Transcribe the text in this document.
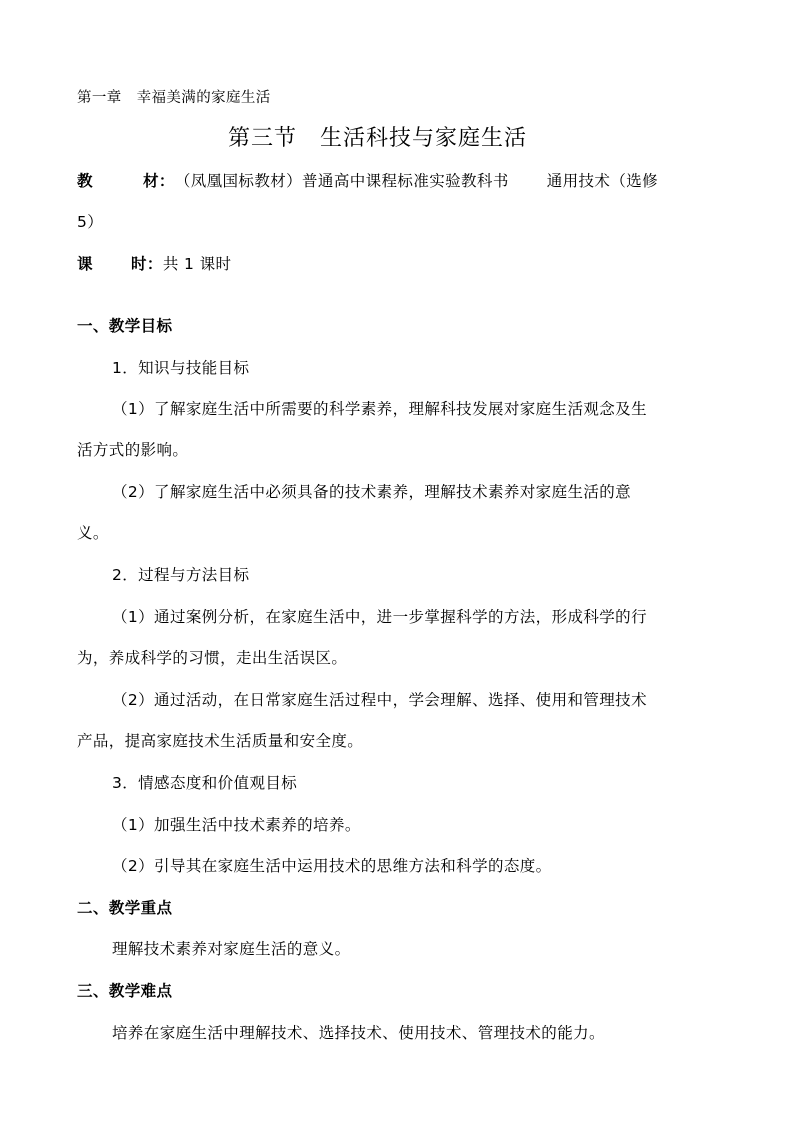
第一章　幸福美满的家庭生活
第三节　生活科技与家庭生活
教	材：（凤凰国标教材）普通高中课程标准实验教科书 通用技术（选修
5）
课 时：共 1 课时
一、教学目标
1．知识与技能目标
（1）了解家庭生活中所需要的科学素养，理解科技发展对家庭生活观念及生
活方式的影响。
（2）了解家庭生活中必须具备的技术素养，理解技术素养对家庭生活的意
义。
2．过程与方法目标
（1）通过案例分析，在家庭生活中，进一步掌握科学的方法，形成科学的行
为，养成科学的习惯，走出生活误区。
（2）通过活动，在日常家庭生活过程中，学会理解、选择、使用和管理技术
产品，提高家庭技术生活质量和安全度。
3．情感态度和价值观目标
（1）加强生活中技术素养的培养。
（2）引导其在家庭生活中运用技术的思维方法和科学的态度。
二、教学重点
理解技术素养对家庭生活的意义。
三、教学难点
培养在家庭生活中理解技术、选择技术、使用技术、管理技术的能力。
